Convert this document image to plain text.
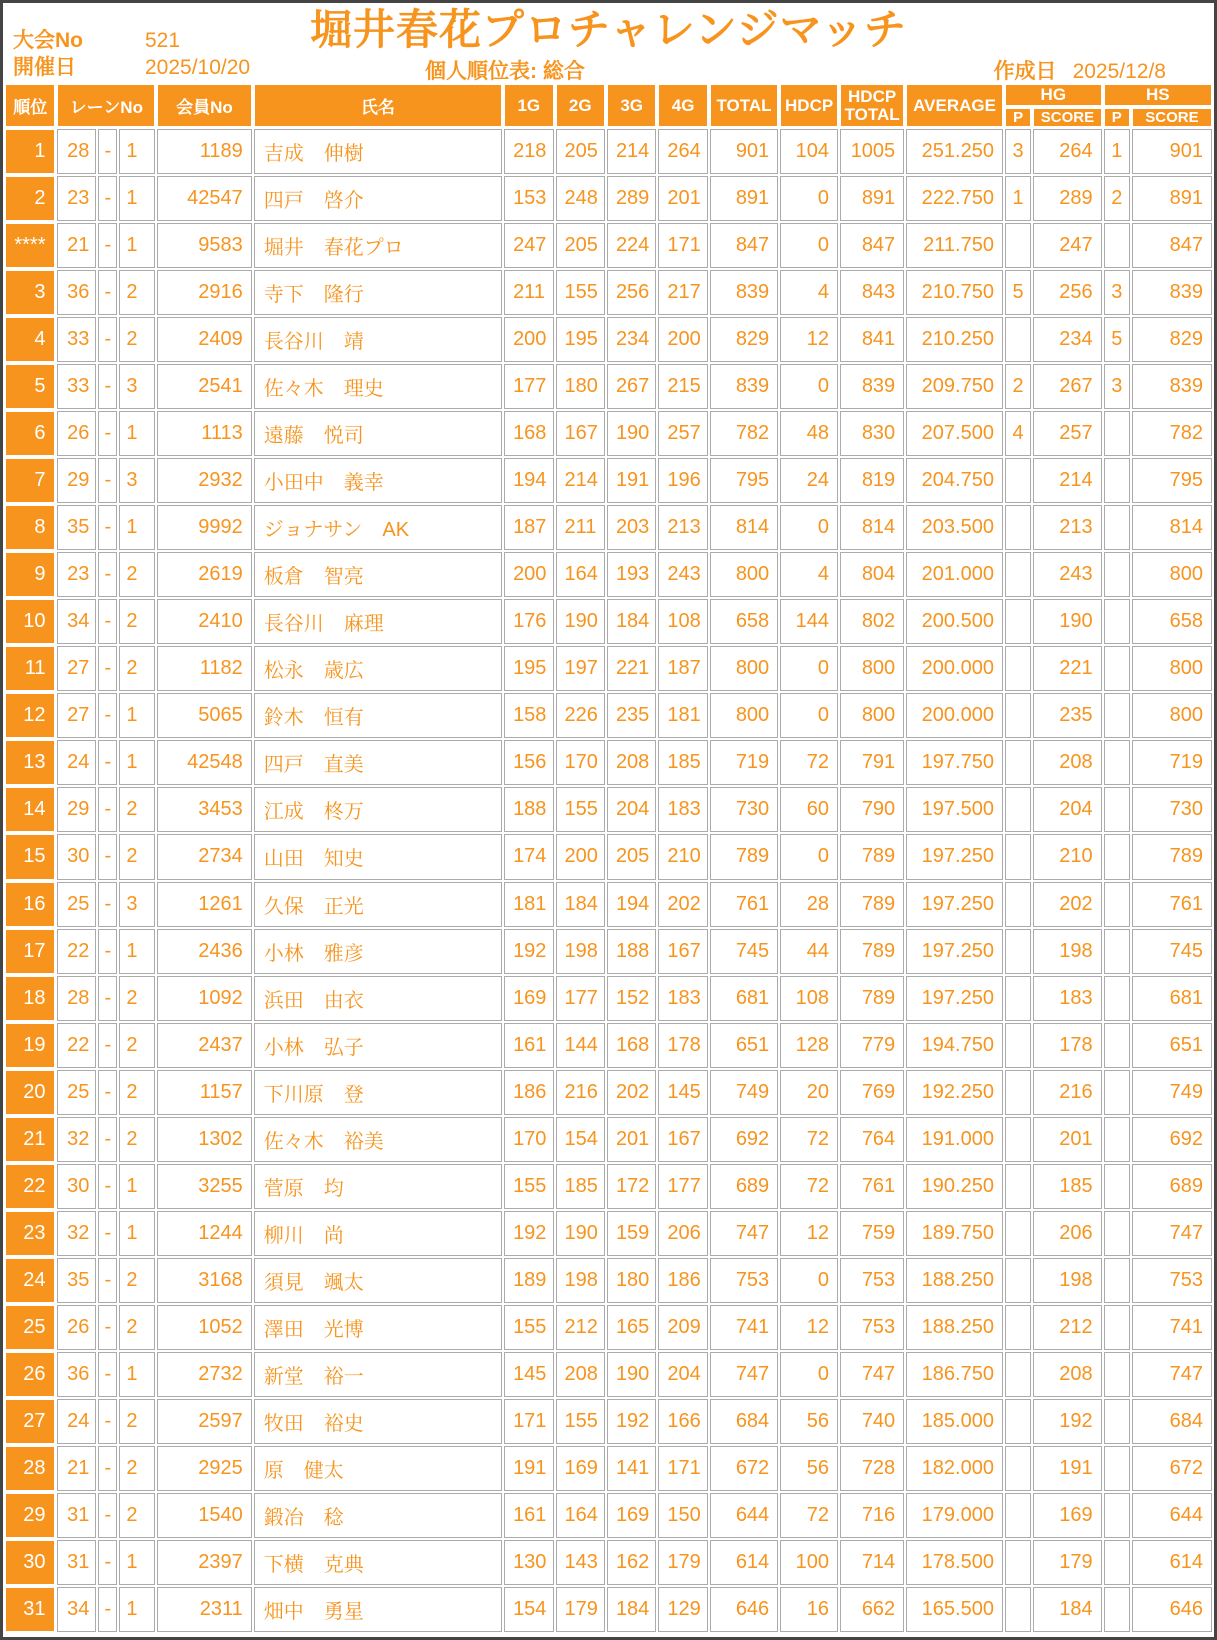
大会No	521
開催日	2025/10/20
堀井春花プロチャレンジマッチ
個人順位表: 総合	作成日 2025/12/8
順位	レーンNo			会員No	氏名	1G	2G	3G	4G	TOTAL	HDCP	HDCP
TOTAL	AVERAGE	HG		HS	
														P	SCORE	P	SCORE
1	28	-	1	1189	吉成　伸樹	218	205	214	264	901	104	1005	251.250	3	264	1	901
2	23	-	1	42547	四戸　啓介	153	248	289	201	891	0	891	222.750	1	289	2	891
****	21	-	1	9583	堀井　春花プロ	247	205	224	171	847	0	847	211.750		247		847
3	36	-	2	2916	寺下　隆行	211	155	256	217	839	4	843	210.750	5	256	3	839
4	33	-	2	2409	長谷川　靖	200	195	234	200	829	12	841	210.250		234	5	829
5	33	-	3	2541	佐々木　理史	177	180	267	215	839	0	839	209.750	2	267	3	839
6	26	-	1	1113	遠藤　悦司	168	167	190	257	782	48	830	207.500	4	257		782
7	29	-	3	2932	小田中　義幸	194	214	191	196	795	24	819	204.750		214		795
8	35	-	1	9992	ジョナサン　AK	187	211	203	213	814	0	814	203.500		213		814
9	23	-	2	2619	板倉　智亮	200	164	193	243	800	4	804	201.000		243		800
10	34	-	2	2410	長谷川　麻理	176	190	184	108	658	144	802	200.500		190		658
11	27	-	2	1182	松永　歳広	195	197	221	187	800	0	800	200.000		221		800
12	27	-	1	5065	鈴木　恒有	158	226	235	181	800	0	800	200.000		235		800
13	24	-	1	42548	四戸　直美	156	170	208	185	719	72	791	197.750		208		719
14	29	-	2	3453	江成　柊万	188	155	204	183	730	60	790	197.500		204		730
15	30	-	2	2734	山田　知史	174	200	205	210	789	0	789	197.250		210		789
16	25	-	3	1261	久保　正光	181	184	194	202	761	28	789	197.250		202		761
17	22	-	1	2436	小林　雅彦	192	198	188	167	745	44	789	197.250		198		745
18	28	-	2	1092	浜田　由衣	169	177	152	183	681	108	789	197.250		183		681
19	22	-	2	2437	小林　弘子	161	144	168	178	651	128	779	194.750		178		651
20	25	-	2	1157	下川原　登	186	216	202	145	749	20	769	192.250		216		749
21	32	-	2	1302	佐々木　裕美	170	154	201	167	692	72	764	191.000		201		692
22	30	-	1	3255	菅原　均	155	185	172	177	689	72	761	190.250		185		689
23	32	-	1	1244	柳川　尚	192	190	159	206	747	12	759	189.750		206		747
24	35	-	2	3168	須見　颯太	189	198	180	186	753	0	753	188.250		198		753
25	26	-	2	1052	澤田　光博	155	212	165	209	741	12	753	188.250		212		741
26	36	-	1	2732	新堂　裕一	145	208	190	204	747	0	747	186.750		208		747
27	24	-	2	2597	牧田　裕史	171	155	192	166	684	56	740	185.000		192		684
28	21	-	2	2925	原　健太	191	169	141	171	672	56	728	182.000		191		672
29	31	-	2	1540	鍛冶　稔	161	164	169	150	644	72	716	179.000		169		644
30	31	-	1	2397	下横　克典	130	143	162	179	614	100	714	178.500		179		614
31	34	-	1	2311	畑中　勇星	154	179	184	129	646	16	662	165.500		184		646
